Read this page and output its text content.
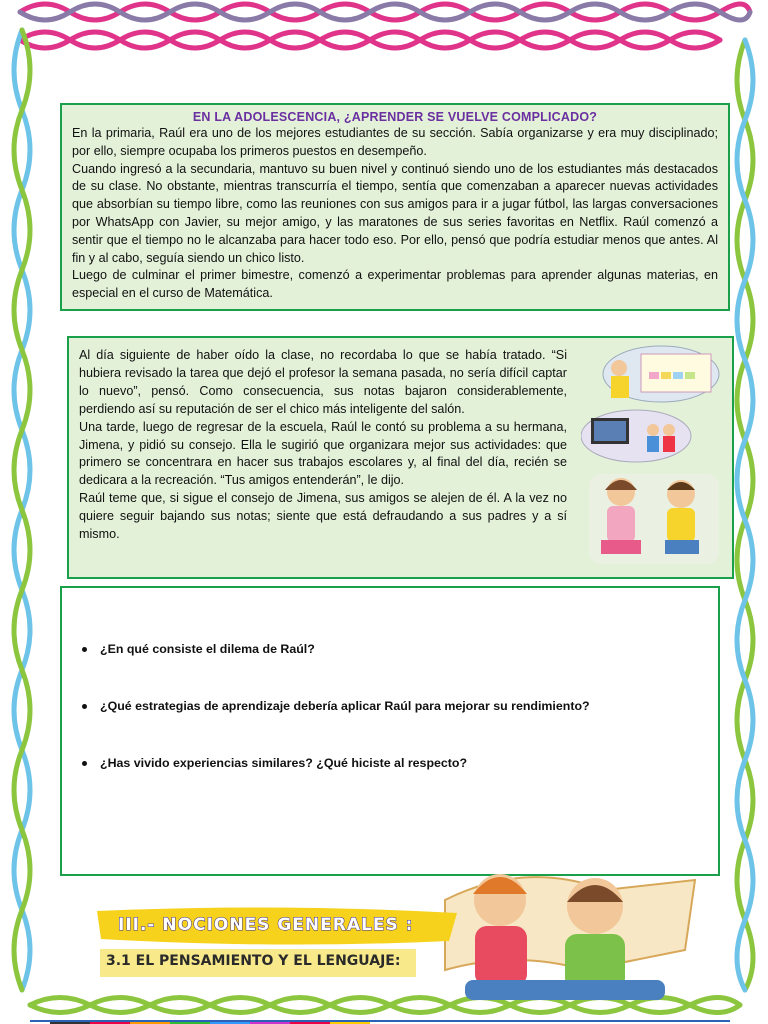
EN LA ADOLESCENCIA, ¿APRENDER SE VUELVE COMPLICADO?

En la primaria, Raúl era uno de los mejores estudiantes de su sección. Sabía organizarse y era muy disciplinado; por ello, siempre ocupaba los primeros puestos en desempeño.

Cuando ingresó a la secundaria, mantuvo su buen nivel y continuó siendo uno de los estudiantes más destacados de su clase. No obstante, mientras transcurría el tiempo, sentía que comenzaban a aparecer nuevas actividades que absorbían su tiempo libre, como las reuniones con sus amigos para ir a jugar fútbol, las largas conversaciones por WhatsApp con Javier, su mejor amigo, y las maratones de sus series favoritas en Netflix. Raúl comenzó a sentir que el tiempo no le alcanzaba para hacer todo eso. Por ello, pensó que podría estudiar menos que antes. Al fin y al cabo, seguía siendo un chico listo.

Luego de culminar el primer bimestre, comenzó a experimentar problemas para aprender algunas materias, en especial en el curso de Matemática.

Al día siguiente de haber oído la clase, no recordaba lo que se había tratado. “Si hubiera revisado la tarea que dejó el profesor la semana pasada, no sería difícil captar lo nuevo”, pensó. Como consecuencia, sus notas bajaron considerablemente, perdiendo así su reputación de ser el chico más inteligente del salón.

Una tarde, luego de regresar de la escuela, Raúl le contó su problema a su hermana, Jimena, y pidió su consejo. Ella le sugirió que organizara mejor sus actividades: que primero se concentrara en hacer sus trabajos escolares y, al final del día, recién se dedicara a la recreación. “Tus amigos entenderán”, le dijo.

Raúl teme que, si sigue el consejo de Jimena, sus amigos se alejen de él. A la vez no quiere seguir bajando sus notas; siente que está defraudando a sus padres y a sí mismo.

¿En qué consiste el dilema de Raúl?
¿Qué estrategias de aprendizaje debería aplicar Raúl para mejorar su rendimiento?
¿Has vivido experiencias similares? ¿Qué hiciste al respecto?
III.- NOCIONES GENERALES :
3.1 EL PENSAMIENTO Y EL LENGUAJE:
